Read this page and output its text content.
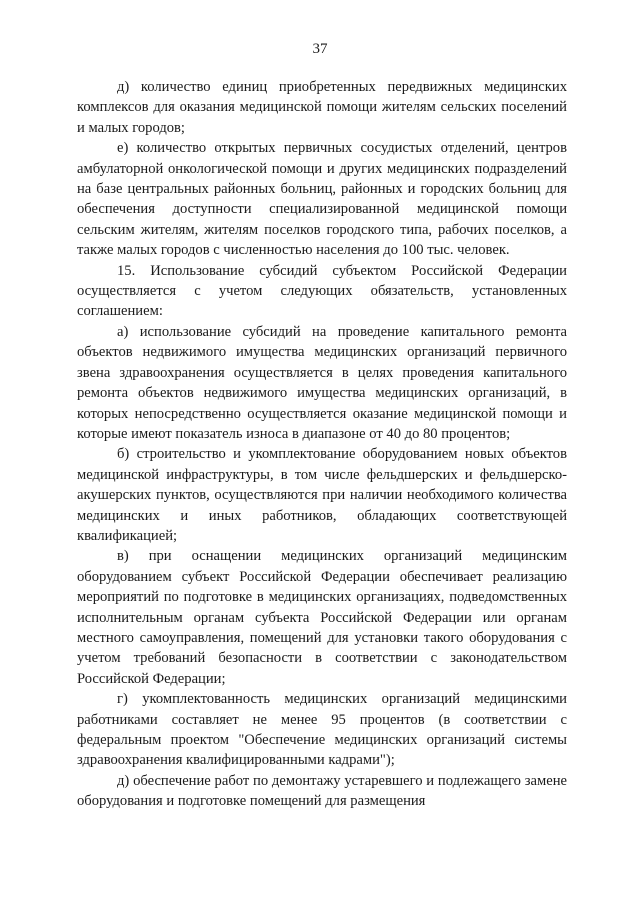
37

д) количество единиц приобретенных передвижных медицинских комплексов для оказания медицинской помощи жителям сельских поселений и малых городов;

е) количество открытых первичных сосудистых отделений, центров амбулаторной онкологической помощи и других медицинских подразделений на базе центральных районных больниц, районных и городских больниц для обеспечения доступности специализированной медицинской помощи сельским жителям, жителям поселков городского типа, рабочих поселков, а также малых городов с численностью населения до 100 тыс. человек.

15. Использование субсидий субъектом Российской Федерации осуществляется с учетом следующих обязательств, установленных соглашением:

а) использование субсидий на проведение капитального ремонта объектов недвижимого имущества медицинских организаций первичного звена здравоохранения осуществляется в целях проведения капитального ремонта объектов недвижимого имущества медицинских организаций, в которых непосредственно осуществляется оказание медицинской помощи и которые имеют показатель износа в диапазоне от 40 до 80 процентов;

б) строительство и укомплектование оборудованием новых объектов медицинской инфраструктуры, в том числе фельдшерских и фельдшерско-акушерских пунктов, осуществляются при наличии необходимого количества медицинских и иных работников, обладающих соответствующей квалификацией;

в) при оснащении медицинских организаций медицинским оборудованием субъект Российской Федерации обеспечивает реализацию мероприятий по подготовке в медицинских организациях, подведомственных исполнительным органам субъекта Российской Федерации или органам местного самоуправления, помещений для установки такого оборудования с учетом требований безопасности в соответствии с законодательством Российской Федерации;

г) укомплектованность медицинских организаций медицинскими работниками составляет не менее 95 процентов (в соответствии с федеральным проектом "Обеспечение медицинских организаций системы здравоохранения квалифицированными кадрами");

д) обеспечение работ по демонтажу устаревшего и подлежащего замене оборудования и подготовке помещений для размещения
